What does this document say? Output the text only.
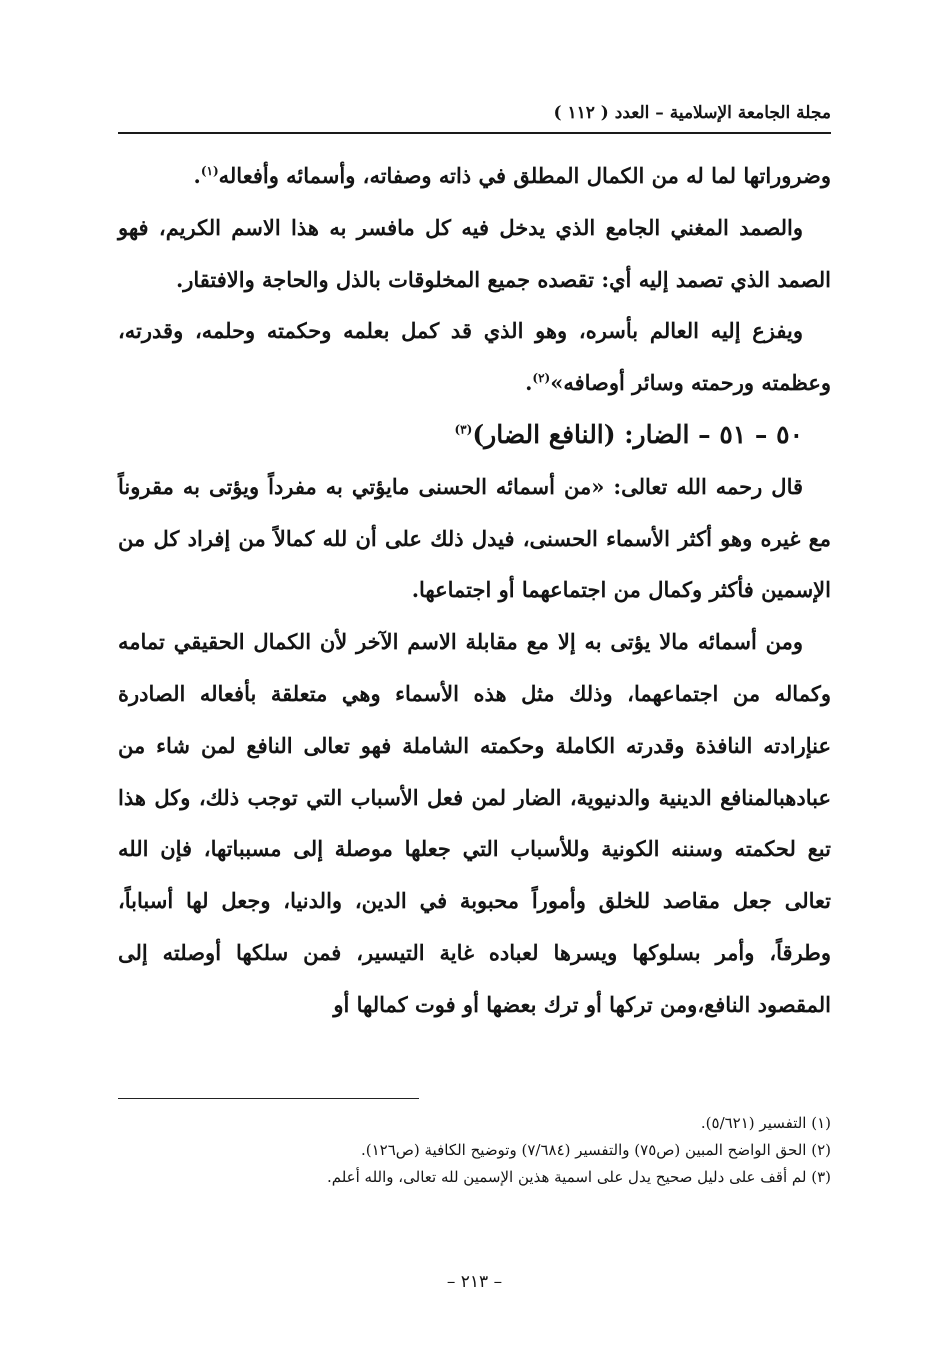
مجلة الجامعة الإسلامية – العدد ( ١١٢ )

وضروراتها لما له من الكمال المطلق في ذاته وصفاته، وأسمائه وأفعاله$^{(١)}$.

والصمد المغني الجامع الذي يدخل فيه كل مافسر به هذا الاسم الكريم، فهو الصمد الذي تصمد إليه أي: تقصده جميع المخلوقات بالذل والحاجة والافتقار.

ويفزع إليه العالم بأسره، وهو الذي قد كمل بعلمه وحكمته وحلمه، وقدرته، وعظمته ورحمته وسائر أوصافه»$^{(٢)}$.

٥٠ – ٥١ – الضار: (النافع الضار)$^{(٣)}$

قال رحمه الله تعالى: «من أسمائه الحسنى مايؤتي به مفرداً ويؤتى به مقروناً مع غيره وهو أكثر الأسماء الحسنى، فيدل ذلك على أن لله كمالاً من إفراد كل من الإسمين فأكثر وكمال من اجتماعهما أو اجتماعها.

ومن أسمائه مالا يؤتى به إلا مع مقابلة الاسم الآخر لأن الكمال الحقيقي تمامه وكماله من اجتماعهما، وذلك مثل هذه الأسماء وهي متعلقة بأفعاله الصادرة عنإرادته النافذة وقدرته الكاملة وحكمته الشاملة فهو تعالى النافع لمن شاء من عبادهبالمنافع الدينية والدنيوية، الضار لمن فعل الأسباب التي توجب ذلك، وكل هذا تبع لحكمته وسننه الكونية وللأسباب التي جعلها موصلة إلى مسبباتها، فإن الله تعالى جعل مقاصد للخلق وأموراً محبوبة في الدين، والدنيا، وجعل لها أسباباً، وطرقاً، وأمر بسلوكها ويسرها لعباده غاية التيسير، فمن سلكها أوصلته إلى المقصود النافع،ومن تركها أو ترك بعضها أو فوت كمالها أو

(١) التفسير (٥/٦٢١).

(٢) الحق الواضح المبين (ص٧٥) والتفسير (٧/٦٨٤) وتوضيح الكافية (ص١٢٦).

(٣) لم أقف على دليل صحيح يدل على اسمية هذين الإسمين لله تعالى، والله أعلم.

– ٢١٣ –
